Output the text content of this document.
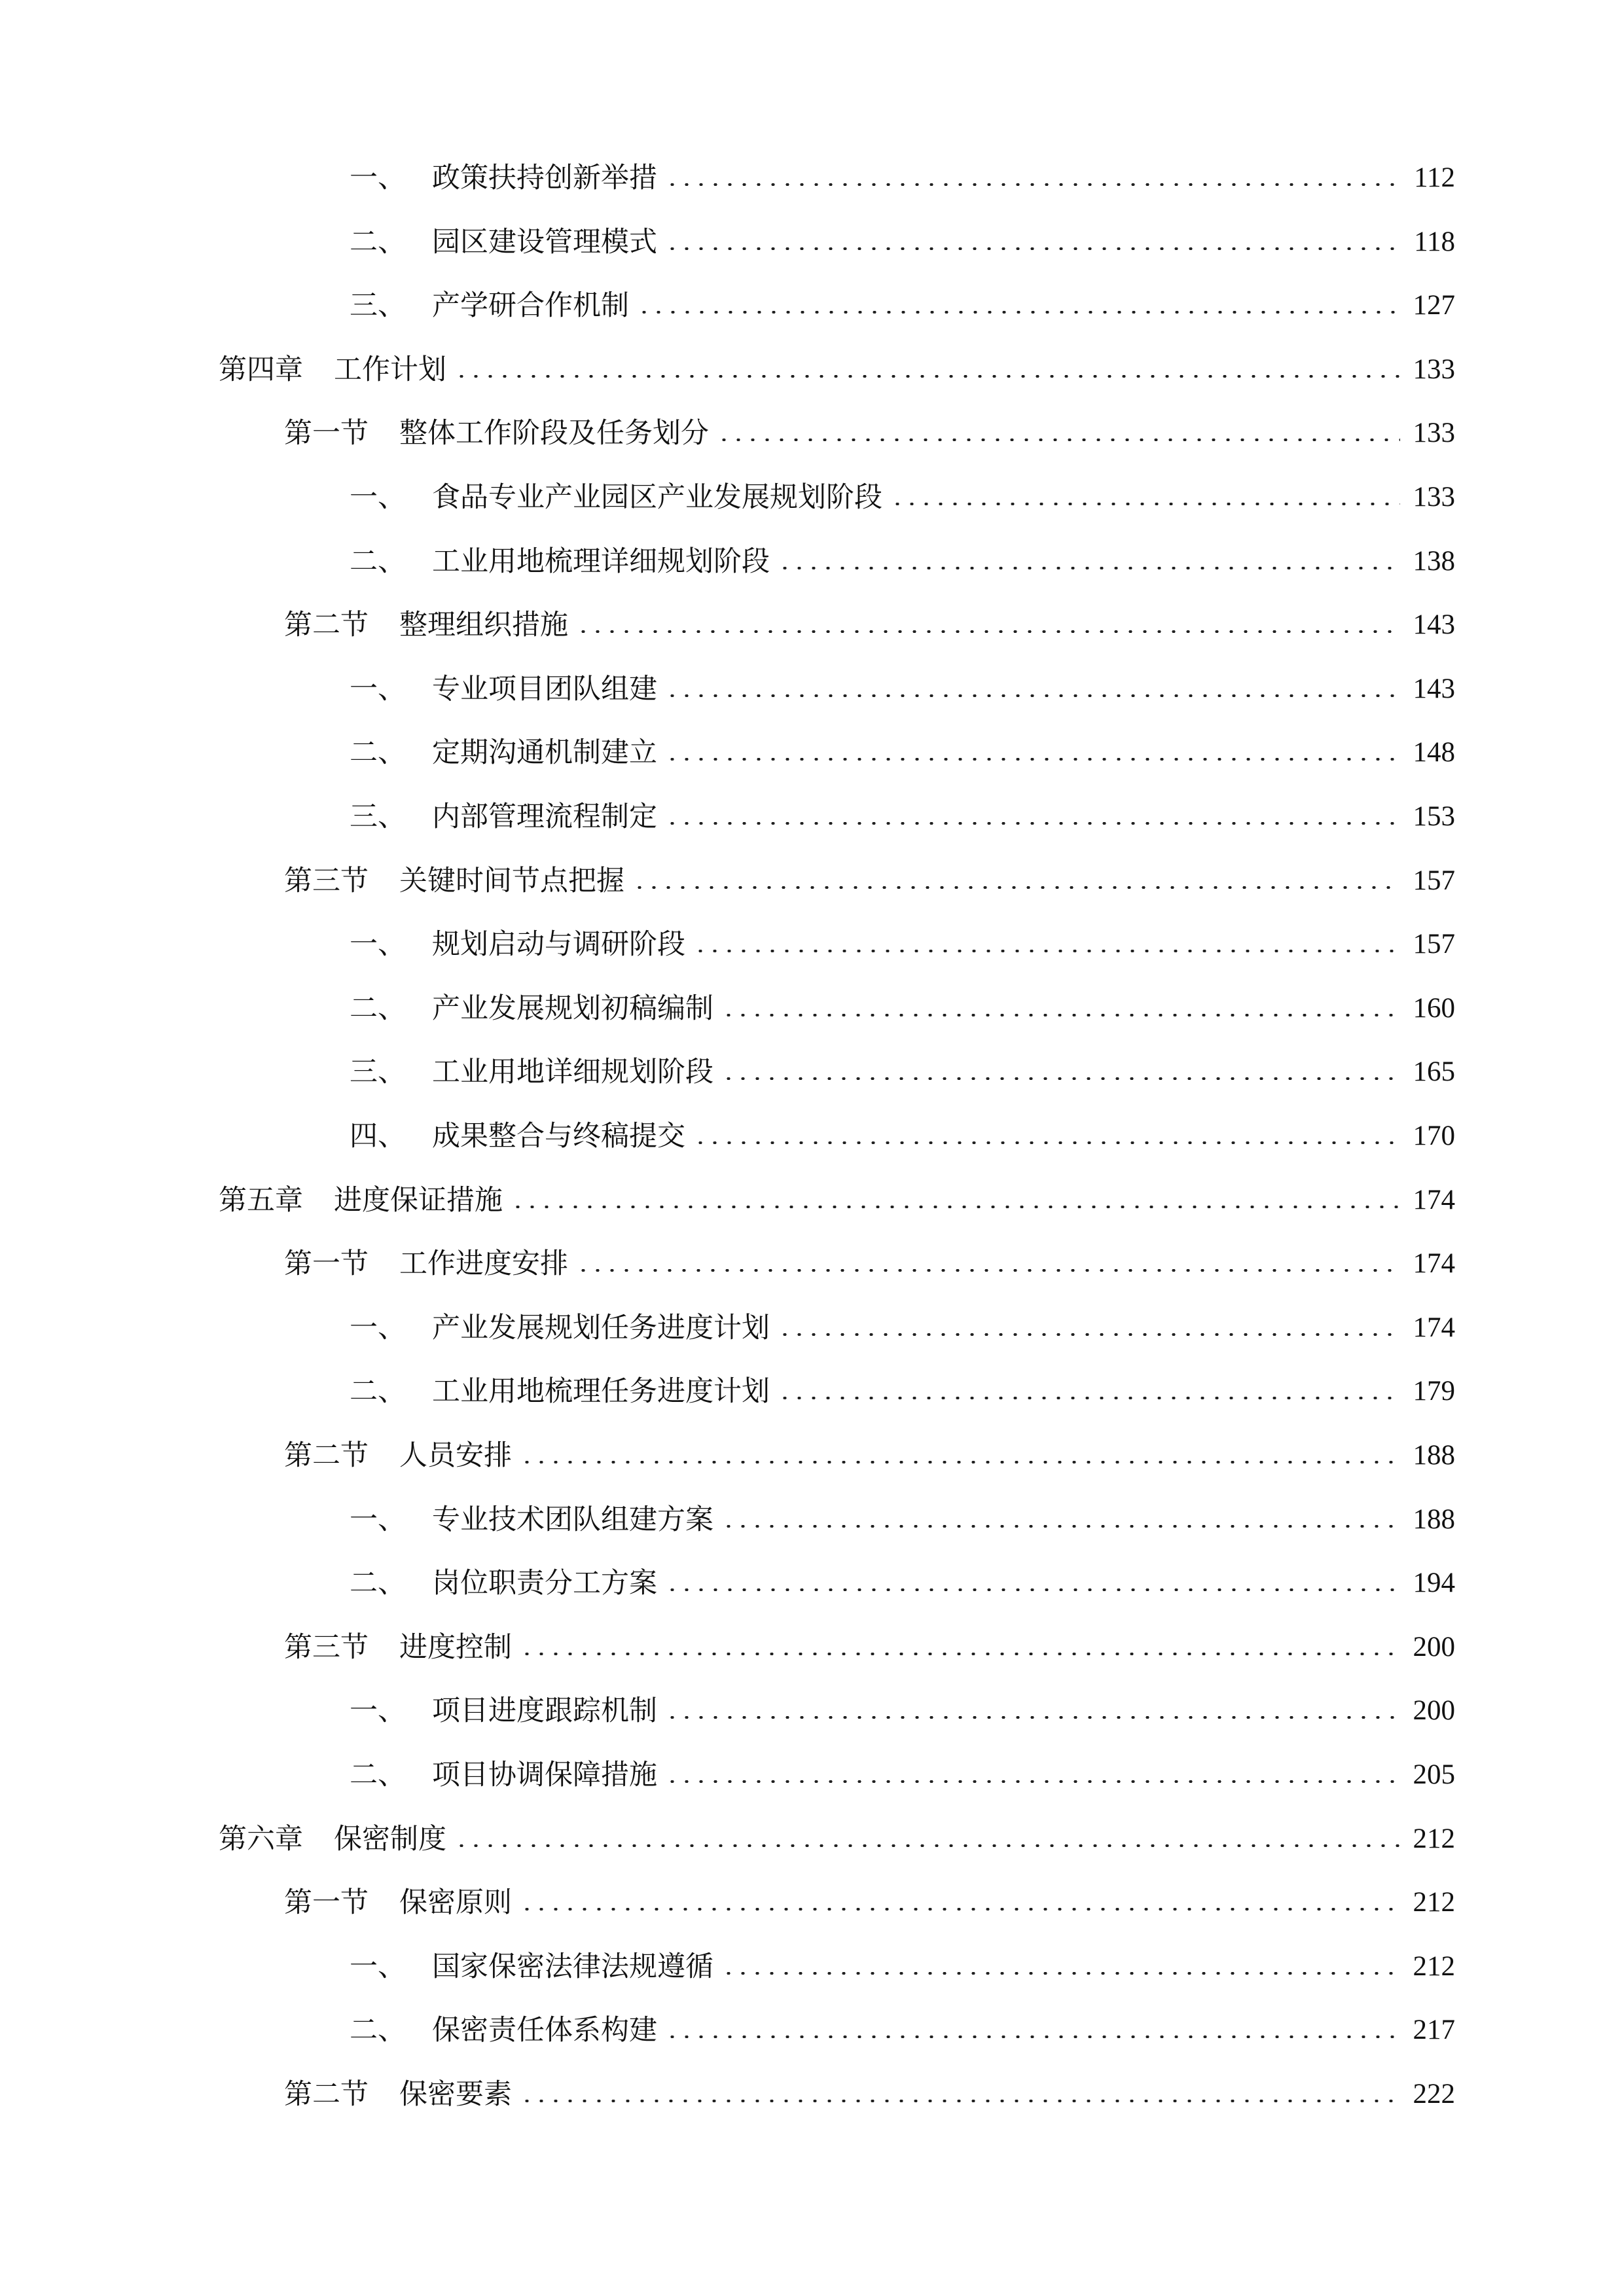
一、 政策扶持创新举措	112
二、 园区建设管理模式	118
三、 产学研合作机制	127
第四章	工作计划	133
第一节	整体工作阶段及任务划分	133
一、 食品专业产业园区产业发展规划阶段	133
二、 工业用地梳理详细规划阶段	138
第二节	整理组织措施	143
一、 专业项目团队组建	143
二、 定期沟通机制建立	148
三、 内部管理流程制定	153
第三节	关键时间节点把握	157
一、 规划启动与调研阶段	157
二、 产业发展规划初稿编制	160
三、 工业用地详细规划阶段	165
四、 成果整合与终稿提交	170
第五章	进度保证措施	174
第一节	工作进度安排	174
一、 产业发展规划任务进度计划	174
二、 工业用地梳理任务进度计划	179
第二节	人员安排	188
一、 专业技术团队组建方案	188
二、 岗位职责分工方案	194
第三节	进度控制	200
一、 项目进度跟踪机制	200
二、 项目协调保障措施	205
第六章	保密制度	212
第一节	保密原则	212
一、 国家保密法律法规遵循	212
二、 保密责任体系构建	217
第二节	保密要素	222
